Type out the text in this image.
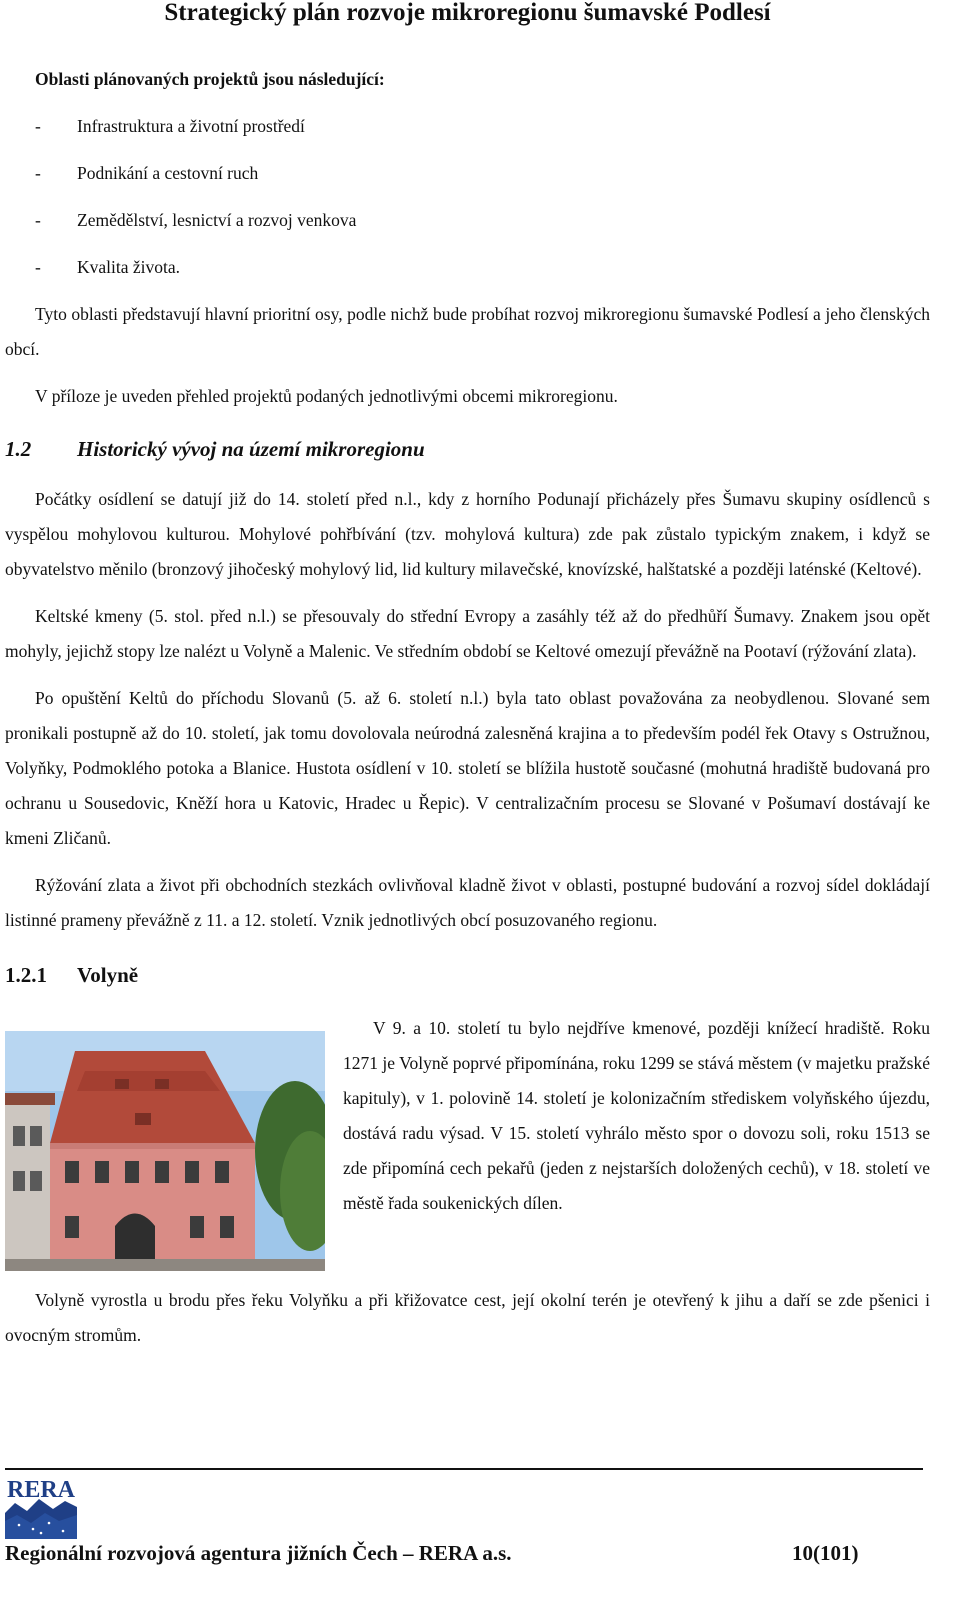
Strategický plán rozvoje mikroregionu šumavské Podlesí

Oblasti plánovaných projektů jsou následující:

-	Infrastruktura a životní prostředí
-	Podnikání a cestovní ruch
-	Zemědělství, lesnictví a rozvoj venkova
-	Kvalita života.

Tyto oblasti představují hlavní prioritní osy, podle nichž bude probíhat rozvoj mikroregionu šumavské Podlesí a jeho členských obcí.

V příloze je uveden přehled projektů podaných jednotlivými obcemi mikroregionu.

1.2	Historický vývoj na území mikroregionu

Počátky osídlení se datují již do 14. století před n.l., kdy z horního Podunají přicházely přes Šumavu skupiny osídlenců s vyspělou mohylovou kulturou. Mohylové pohřbívání (tzv. mohylová kultura) zde pak zůstalo typickým znakem, i když se obyvatelstvo měnilo (bronzový jihočeský mohylový lid, lid kultury milavečské, knovízské, halštatské a později laténské (Keltové).

Keltské kmeny (5. stol. před n.l.) se přesouvaly do střední Evropy a zasáhly též až do předhůří Šumavy. Znakem jsou opět mohyly, jejichž stopy lze nalézt u Volyně a Malenic. Ve středním období se Keltové omezují převážně na Pootaví (rýžování zlata).

Po opuštění Keltů do příchodu Slovanů (5. až 6. století n.l.) byla tato oblast považována za neobydlenou. Slované sem pronikali postupně až do 10. století, jak tomu dovolovala neúrodná zalesněná krajina a to především podél řek Otavy s Ostružnou, Volyňky, Podmoklého potoka a Blanice. Hustota osídlení v 10. století se blížila hustotě současné (mohutná hradiště budovaná pro ochranu u Sousedovic, Kněží hora u Katovic, Hradec u Řepic). V centralizačním procesu se Slované v Pošumaví dostávají ke kmeni Zličanů.

Rýžování zlata a život při obchodních stezkách ovlivňoval kladně život v oblasti, postupné budování a rozvoj sídel dokládají listinné prameny převážně z 11. a 12. století. Vznik jednotlivých obcí posuzovaného regionu.

1.2.1	Volyně

V 9. a 10. století tu bylo nejdříve kmenové, později knížecí hradiště. Roku 1271 je Volyně poprvé připomínána, roku 1299 se stává městem (v majetku pražské kapituly), v 1. polovině 14. století je kolonizačním střediskem volyňského újezdu, dostává radu výsad. V 15. století vyhrálo město spor o dovozu soli, roku 1513 se zde připomíná cech pekařů (jeden z nejstarších doložených cechů), v 18. století ve městě řada soukenických dílen.

Volyně vyrostla u brodu přes řeku Volyňku a při křižovatce cest, její okolní terén je otevřený k jihu a daří se zde pšenici i ovocným stromům.

RERA
Regionální rozvojová agentura jižních Čech – RERA a.s.	10(101)
